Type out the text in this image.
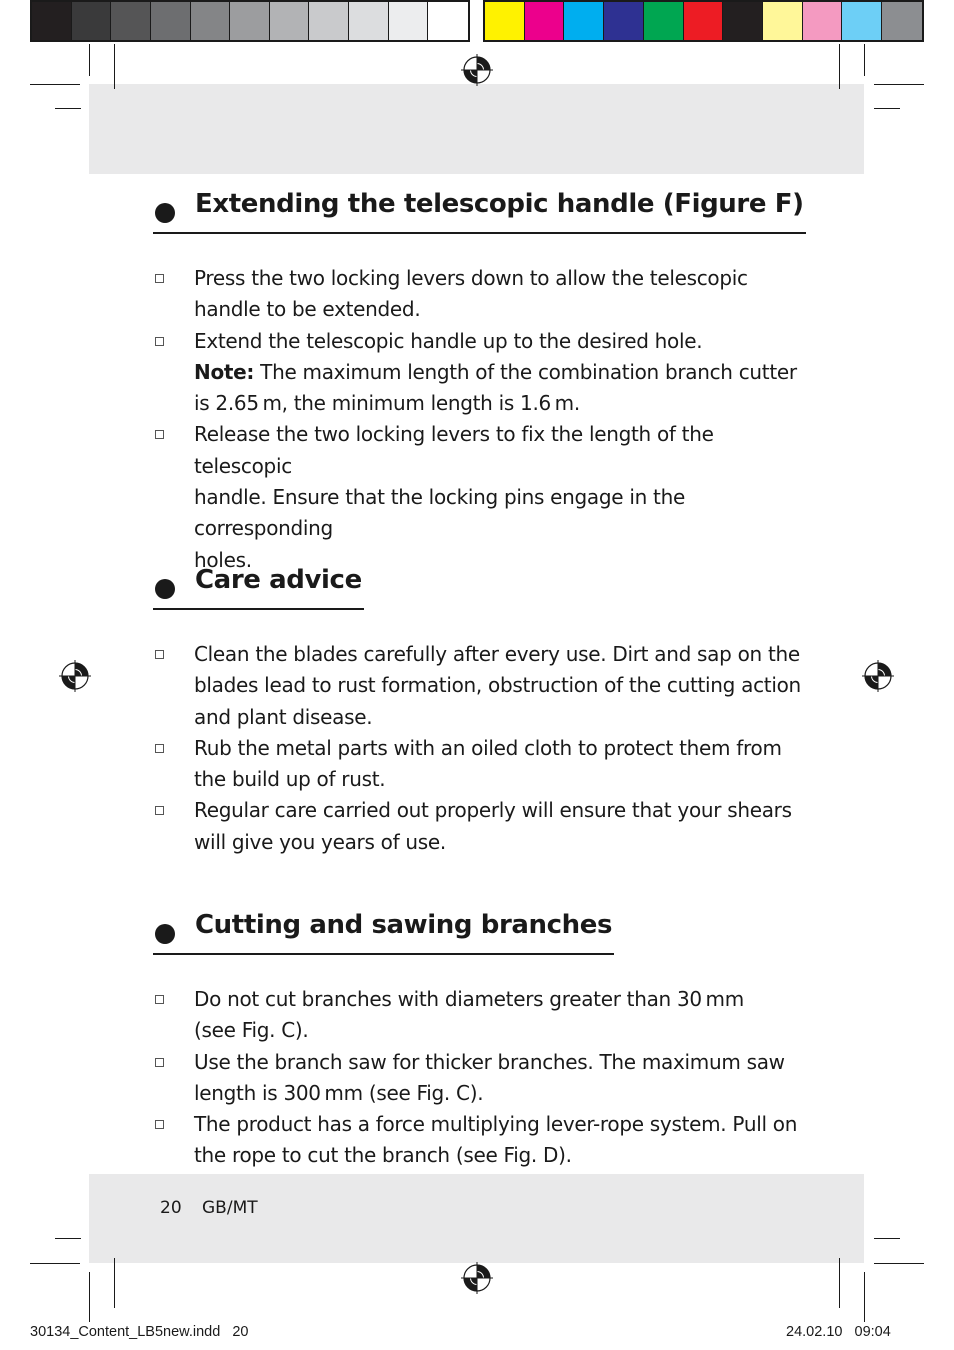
Extending the telescopic handle (Figure F)
Press the two locking levers down to allow the telescopic
handle to be extended.
Extend the telescopic handle up to the desired hole.
Note: The maximum length of the combination branch cutter
is 2.65 m, the minimum length is 1.6 m.
Release the two locking levers to fix the length of the telescopic
handle. Ensure that the locking pins engage in the corresponding
holes.
Care advice
Clean the blades carefully after every use. Dirt and sap on the
blades lead to rust formation, obstruction of the cutting action
and plant disease.
Rub the metal parts with an oiled cloth to protect them from
the build up of rust.
Regular care carried out properly will ensure that your shears
will give you years of use.
Cutting and sawing branches
Do not cut branches with diameters greater than 30 mm
(see Fig. C).
Use the branch saw for thicker branches. The maximum saw
length is 300 mm (see Fig. C).
The product has a force multiplying lever-rope system. Pull on
the rope to cut the branch (see Fig. D).
20 GB/MT
30134_Content_LB5new.indd   20	24.02.10   09:04
